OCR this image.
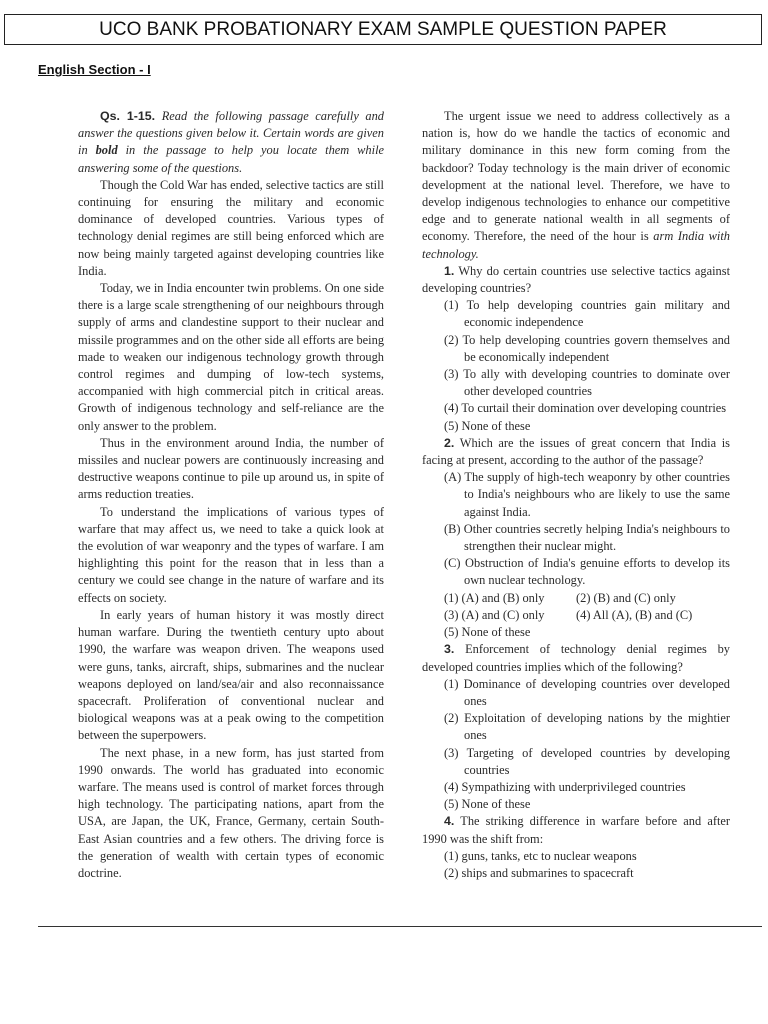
UCO BANK PROBATIONARY EXAM SAMPLE QUESTION PAPER
English Section - I

Qs. 1-15. Read the following passage carefully and answer the questions given below it. Certain words are given in bold in the passage to help you locate them while answering some of the questions.

Though the Cold War has ended, selective tactics are still continuing for ensuring the military and economic dominance of developed countries. Various types of technology denial regimes are still being enforced which are now being mainly targeted against developing countries like India.

Today, we in India encounter twin problems. On one side there is a large scale strengthening of our neighbours through supply of arms and clandestine support to their nuclear and missile programmes and on the other side all efforts are being made to weaken our indigenous technology growth through control regimes and dumping of low-tech systems, accompanied with high commercial pitch in critical areas. Growth of indigenous technology and self-reliance are the only answer to the problem.

Thus in the environment around India, the number of missiles and nuclear powers are continuously increasing and destructive weapons continue to pile up around us, in spite of arms reduction treaties.

To understand the implications of various types of warfare that may affect us, we need to take a quick look at the evolution of war weaponry and the types of warfare. I am highlighting this point for the reason that in less than a century we could see change in the nature of warfare and its effects on society.

In early years of human history it was mostly direct human warfare. During the twentieth century upto about 1990, the warfare was weapon driven. The weapons used were guns, tanks, aircraft, ships, submarines and the nuclear weapons deployed on land/sea/air and also reconnaissance spacecraft. Proliferation of conventional nuclear and biological weapons was at a peak owing to the competition between the superpowers.

The next phase, in a new form, has just started from 1990 onwards. The world has graduated into economic warfare. The means used is control of market forces through high technology. The participating nations, apart from the USA, are Japan, the UK, France, Germany, certain South-East Asian countries and a few others. The driving force is the generation of wealth with certain types of economic doctrine.

The urgent issue we need to address collectively as a nation is, how do we handle the tactics of economic and military dominance in this new form coming from the backdoor? Today technology is the main driver of economic development at the national level. Therefore, we have to develop indigenous technologies to enhance our competitive edge and to generate national wealth in all segments of economy. Therefore, the need of the hour is arm India with technology.

1. Why do certain countries use selective tactics against developing countries?

(1) To help developing countries gain military and economic independence
(2) To help developing countries govern themselves and be economically independent
(3) To ally with developing countries to dominate over other developed countries
(4) To curtail their domination over developing countries
(5) None of these

2. Which are the issues of great concern that India is facing at present, according to the author of the passage?

(A) The supply of high-tech weaponry by other countries to India's neighbours who are likely to use the same against India.
(B) Other countries secretly helping India's neighbours to strengthen their nuclear might.
(C) Obstruction of India's genuine efforts to develop its own nuclear technology.
(1) (A) and (B) only	(2) (B) and (C) only
(3) (A) and (C) only	(4) All (A), (B) and (C)
(5) None of these

3. Enforcement of technology denial regimes by developed countries implies which of the following?

(1) Dominance of developing countries over developed ones
(2) Exploitation of developing nations by the mightier ones
(3) Targeting of developed countries by developing countries
(4) Sympathizing with underprivileged countries
(5) None of these

4. The striking difference in warfare before and after 1990 was the shift from:

(1) guns, tanks, etc to nuclear weapons
(2) ships and submarines to spacecraft
